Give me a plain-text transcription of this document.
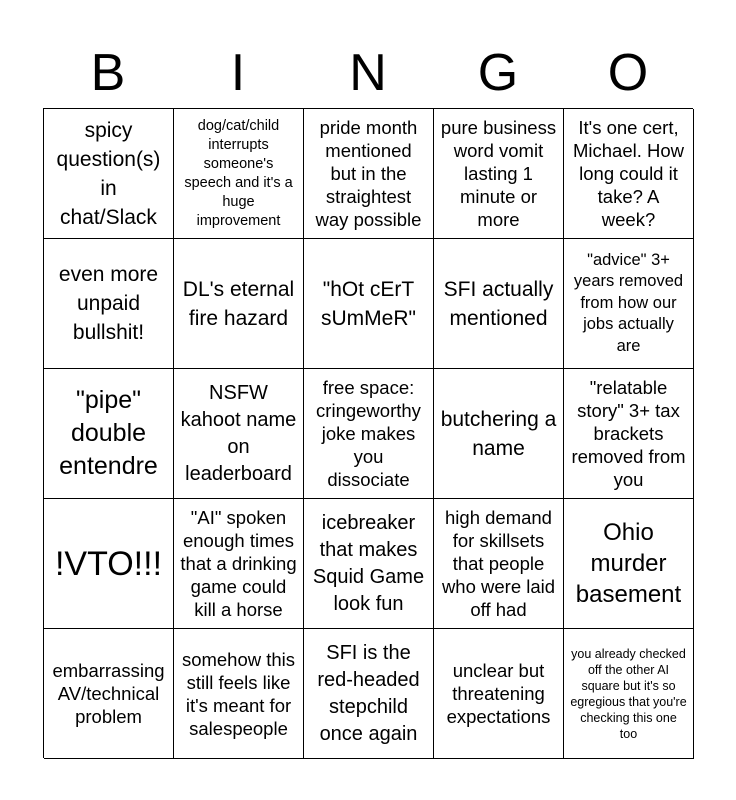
B	I	N	G	O
spicy question(s) in chat/Slack
dog/cat/child interrupts someone's speech and it's a huge improvement
pride month mentioned but in the straightest way possible
pure business word vomit lasting 1 minute or more
It's one cert, Michael. How long could it take? A week?
even more unpaid bullshit!
DL's eternal fire hazard
"hOt cErT sUmMeR"
SFI actually mentioned
"advice" 3+ years removed from how our jobs actually are
"pipe" double entendre
NSFW kahoot name on leaderboard
free space: cringeworthy joke makes you dissociate
butchering a name
"relatable story" 3+ tax brackets removed from you
!VTO!!!
"AI" spoken enough times that a drinking game could kill a horse
icebreaker that makes Squid Game look fun
high demand for skillsets that people who were laid off had
Ohio murder basement
embarrassing AV/technical problem
somehow this still feels like it's meant for salespeople
SFI is the red-headed stepchild once again
unclear but threatening expectations
you already checked off the other AI square but it's so egregious that you're checking this one too
